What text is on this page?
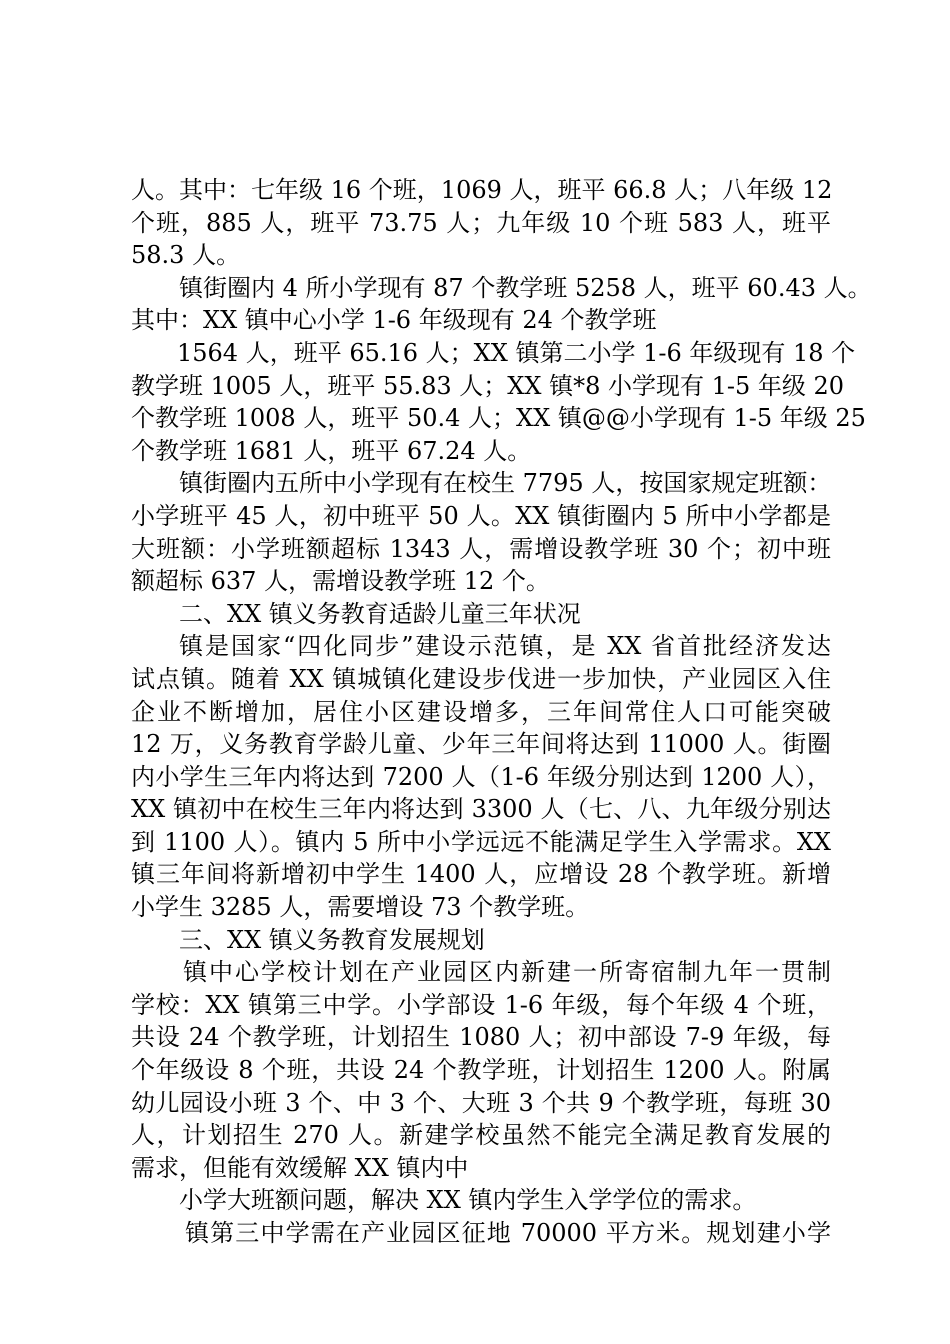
人。其中：七年级 16 个班，1069 人，班平 66.8 人；八年级 12
个班，885 人，班平 73.75 人；九年级 10 个班 583 人，班平
58.3 人。
镇街圈内 4 所小学现有 87 个教学班 5258 人，班平 60.43 人。
其中：XX 镇中心小学 1-6 年级现有 24 个教学班
1564 人，班平 65.16 人；XX 镇第二小学 1-6 年级现有 18 个
教学班 1005 人，班平 55.83 人；XX 镇*8 小学现有 1-5 年级 20
个教学班 1008 人，班平 50.4 人；XX 镇@@小学现有 1-5 年级 25
个教学班 1681 人，班平 67.24 人。
镇街圈内五所中小学现有在校生 7795 人，按国家规定班额：
小学班平 45 人，初中班平 50 人。XX 镇街圈内 5 所中小学都是
大班额：小学班额超标 1343 人，需增设教学班 30 个；初中班
额超标 637 人，需增设教学班 12 个。
二、XX 镇义务教育适龄儿童三年状况
镇是国家“四化同步”建设示范镇，是 XX 省首批经济发达
试点镇。随着 XX 镇城镇化建设步伐进一步加快，产业园区入住
企业不断增加，居住小区建设增多，三年间常住人口可能突破
12 万，义务教育学龄儿童、少年三年间将达到 11000 人。街圈
内小学生三年内将达到 7200 人（1-6 年级分别达到 1200 人），
XX 镇初中在校生三年内将达到 3300 人（七、八、九年级分别达
到 1100 人）。镇内 5 所中小学远远不能满足学生入学需求。XX
镇三年间将新增初中学生 1400 人，应增设 28 个教学班。新增
小学生 3285 人，需要增设 73 个教学班。
三、XX 镇义务教育发展规划
镇中心学校计划在产业园区内新建一所寄宿制九年一贯制
学校：XX 镇第三中学。小学部设 1-6 年级，每个年级 4 个班，
共设 24 个教学班，计划招生 1080 人；初中部设 7-9 年级，每
个年级设 8 个班，共设 24 个教学班，计划招生 1200 人。附属
幼儿园设小班 3 个、中 3 个、大班 3 个共 9 个教学班，每班 30
人，计划招生 270 人。新建学校虽然不能完全满足教育发展的
需求，但能有效缓解 XX 镇内中
小学大班额问题，解决 XX 镇内学生入学学位的需求。
镇第三中学需在产业园区征地 70000 平方米。规划建小学
